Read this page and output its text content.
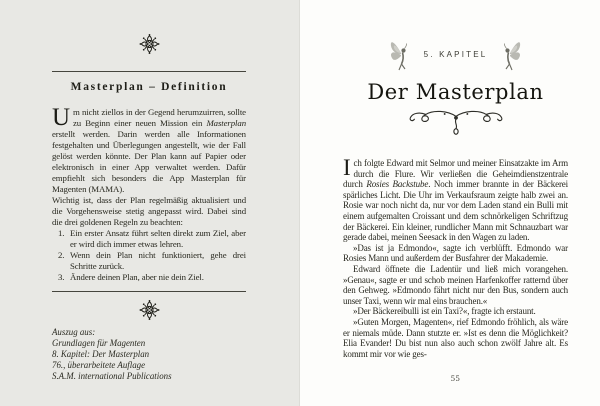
Masterplan – Definition

Um nicht ziellos in der Gegend herumzuirren, sollte zu Beginn einer neuen Mission ein Masterplan erstellt werden. Darin werden alle Informationen festgehalten und Überlegungen angestellt, wie der Fall gelöst werden könnte. Der Plan kann auf Papier oder elektronisch in einer App verwaltet werden. Dafür empfiehlt sich besonders die App Masterplan für Magenten (MAMA).

Wichtig ist, dass der Plan regelmäßig aktualisiert und die Vorgehensweise stetig angepasst wird. Dabei sind die drei goldenen Regeln zu beachten:

1. Ein erster Ansatz führt selten direkt zum Ziel, aber er wird dich immer etwas lehren.
2. Wenn dein Plan nicht funktioniert, gehe drei Schritte zurück.
3. Ändere deinen Plan, aber nie dein Ziel.
Auszug aus:
Grundlagen für Magenten
8. Kapitel: Der Masterplan
76., überarbeitete Auflage
S.A.M. international Publications
5. KAPITEL
Der Masterplan

Ich folgte Edward mit Selmor und meiner Einsatzakte im Arm durch die Flure. Wir verließen die Geheimdienstzentrale durch Rosies Backstube. Noch immer brannte in der Bäckerei spärliches Licht. Die Uhr im Verkaufsraum zeigte halb zwei an. Rosie war noch nicht da, nur vor dem Laden stand ein Bulli mit einem aufgemalten Croissant und dem schnörkeligen Schriftzug der Bäckerei. Ein kleiner, rundlicher Mann mit Schnauzbart war gerade dabei, meinen Seesack in den Wagen zu laden.

»Das ist ja Edmondo«, sagte ich verblüfft. Edmondo war Rosies Mann und außerdem der Busfahrer der Makademie.

Edward öffnete die Ladentür und ließ mich vorangehen. »Genau«, sagte er und schob meinen Harfenkoffer ratternd über den Gehweg. »Edmondo fährt nicht nur den Bus, sondern auch unser Taxi, wenn wir mal eins brauchen.«

»Der Bäckereibulli ist ein Taxi?«, fragte ich erstaunt.

»Guten Morgen, Magenten«, rief Edmondo fröhlich, als wäre er niemals müde. Dann stutzte er. »Ist es denn die Möglichkeit? Elia Evander! Du bist nun also auch schon zwölf Jahre alt. Es kommt mir vor wie ges-

55
